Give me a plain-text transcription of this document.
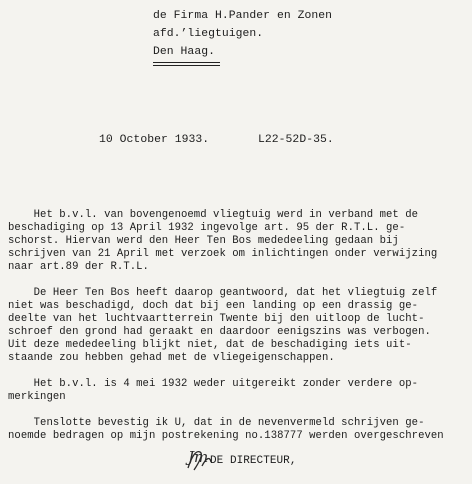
de Firma H.Pander en Zonen
afd.’liegtuigen.
Den Haag.
10 October 1933.	L22-52D-35.
Het b.v.l. van bovengenoemd vliegtuig werd in verband met de
beschadiging op 13 April 1932 ingevolge art. 95 der R.T.L. ge-
schorst. Hiervan werd den Heer Ten Bos mededeeling gedaan bij
schrijven van 21 April met verzoek om inlichtingen onder verwijzing
naar art.89 der R.T.L.
De Heer Ten Bos heeft daarop geantwoord, dat het vliegtuig zelf
niet was beschadigd, doch dat bij een landing op een drassig ge-
deelte van het luchtvaartterrein Twente bij den uitloop de lucht-
schroef den grond had geraakt en daardoor eenigszins was verbogen.
Uit deze mededeeling blijkt niet, dat de beschadiging iets uit-
staande zou hebben gehad met de vliegeigenschappen.
Het b.v.l. is 4 mei 1932 weder uitgereikt zonder verdere op-
merkingen
Tenslotte bevestig ik U, dat in de nevenvermeld schrijven ge-
noemde bedragen op mijn postrekening no.138777 werden overgeschreven
Jm DE DIRECTEUR,
